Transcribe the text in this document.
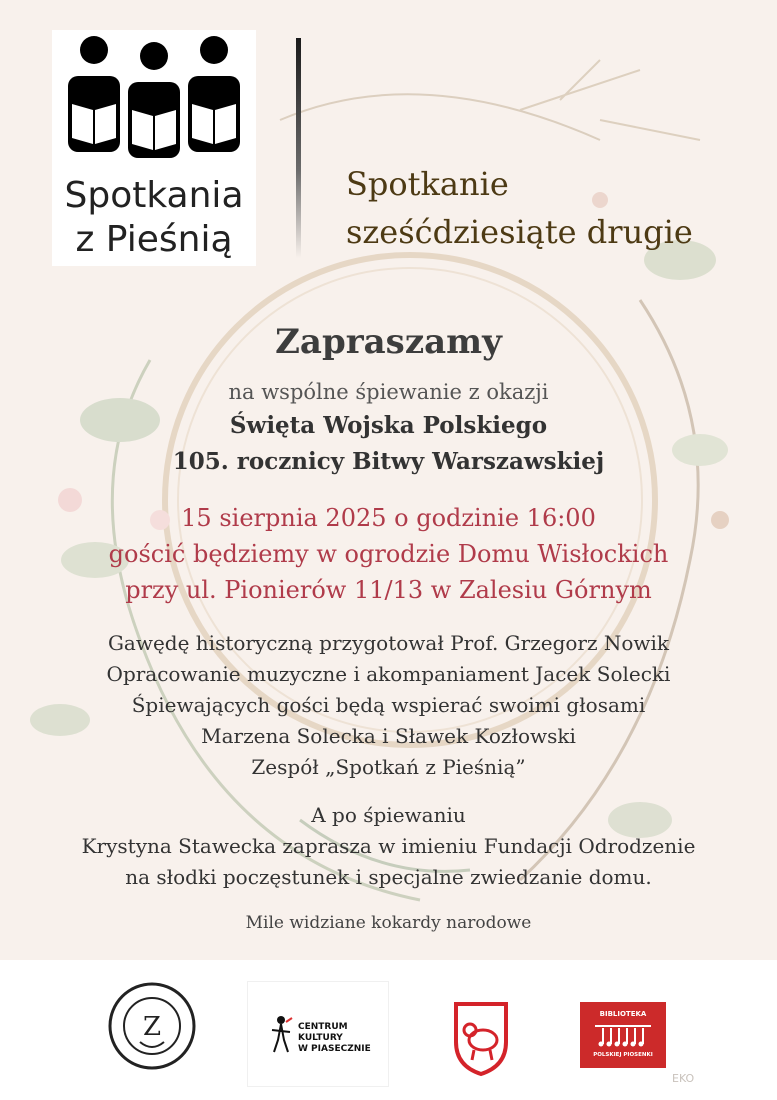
Spotkania
z Pieśnią
Spotkanie
sześćdziesiąte drugie
Zapraszamy
na wspólne śpiewanie z okazji
Święta Wojska Polskiego
105. rocznicy Bitwy Warszawskiej
15 sierpnia 2025 o godzinie 16:00
gościć będziemy w ogrodzie Domu Wisłockich
przy ul. Pionierów 11/13 w Zalesiu Górnym
Gawędę historyczną przygotował Prof. Grzegorz Nowik
Opracowanie muzyczne i akompaniament Jacek Solecki
Śpiewających gości będą wspierać swoimi głosami
Marzena Solecka i Sławek Kozłowski
Zespół „Spotkań z Pieśnią”
A po śpiewaniu
Krystyna Stawecka zaprasza w imieniu Fundacji Odrodzenie
na słodki poczęstunek i specjalne zwiedzanie domu.
Mile widziane kokardy narodowe
Z	CENTRUM KULTURY
W PIASECZNIE
BIBLIOTEKA
POLSKIEJ PIOSENKI
EKO
